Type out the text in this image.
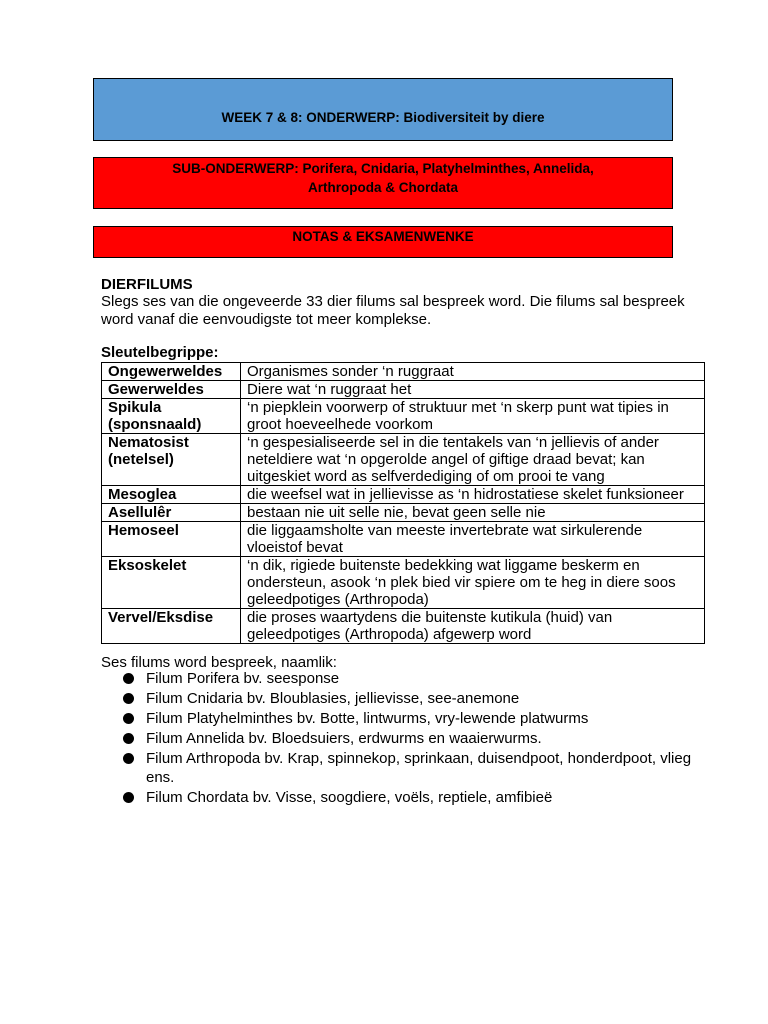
WEEK 7 & 8: ONDERWERP: Biodiversiteit by diere
SUB-ONDERWERP: Porifera, Cnidaria, Platyhelminthes, Annelida,
Arthropoda & Chordata
NOTAS & EKSAMENWENKE
DIERFILUMS
Slegs ses van die ongeveerde 33 dier filums sal bespreek word. Die filums sal bespreek word vanaf die eenvoudigste tot meer komplekse.
Sleutelbegrippe:
Ongewerweldes	Organismes sonder ‘n ruggraat
Gewerweldes	Diere wat ‘n ruggraat het
Spikula (sponsnaald)	‘n piepklein voorwerp of struktuur met ‘n skerp punt wat tipies in groot hoeveelhede voorkom
Nematosist (netelsel)	‘n gespesialiseerde sel in die tentakels van ‘n jellievis of ander neteldiere wat ‘n opgerolde angel of giftige draad bevat; kan uitgeskiet word as selfverdediging of om prooi te vang
Mesoglea	die weefsel wat in jellievisse as ‘n hidrostatiese skelet funksioneer
Asellulêr	bestaan nie uit selle nie, bevat geen selle nie
Hemoseel	die liggaamsholte van meeste invertebrate wat sirkulerende vloeistof bevat
Eksoskelet	‘n dik, rigiede buitenste bedekking wat liggame beskerm en ondersteun, asook ‘n plek bied vir spiere om te heg in diere soos geleedpotiges (Arthropoda)
Vervel/Eksdise	die proses waartydens die buitenste kutikula (huid) van geleedpotiges (Arthropoda) afgewerp word
Ses filums word bespreek, naamlik:
Filum Porifera bv. seesponse
Filum Cnidaria bv. Bloublasies, jellievisse, see-anemone
Filum Platyhelminthes bv. Botte, lintwurms, vry-lewende platwurms
Filum Annelida bv. Bloedsuiers, erdwurms en waaierwurms.
Filum Arthropoda bv. Krap, spinnekop, sprinkaan, duisendpoot, honderdpoot, vlieg ens.
Filum Chordata bv. Visse, soogdiere, voëls, reptiele, amfibieë
